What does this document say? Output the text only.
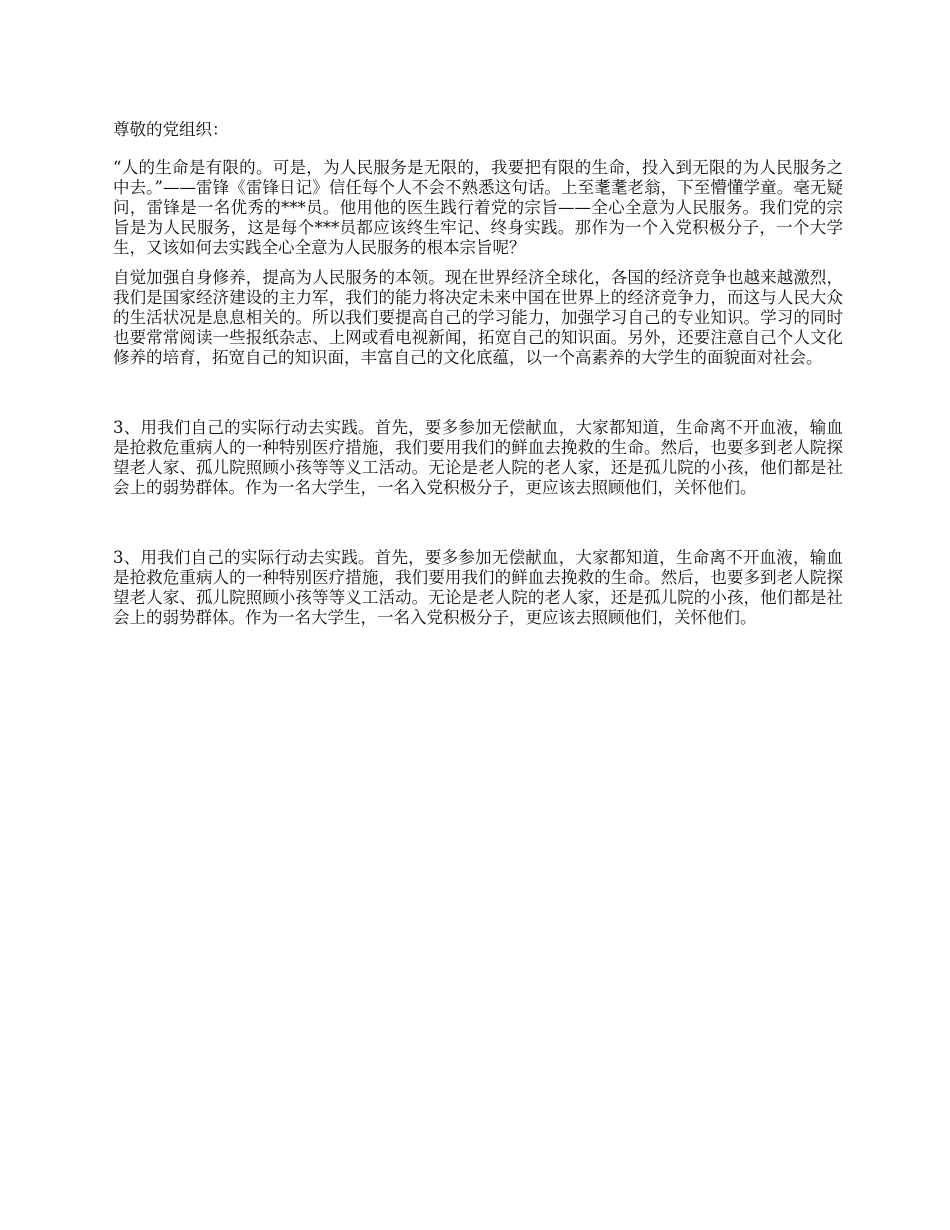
尊敬的党组织：

“人的生命是有限的。可是，为人民服务是无限的，我要把有限的生命，投入到无限的为人民服务之中去。”——雷锋《雷锋日记》信任每个人不会不熟悉这句话。上至耄耄老翁，下至懵懂学童。毫无疑问，雷锋是一名优秀的***员。他用他的医生践行着党的宗旨——全心全意为人民服务。我们党的宗旨是为人民服务，这是每个***员都应该终生牢记、终身实践。那作为一个入党积极分子，一个大学生，又该如何去实践全心全意为人民服务的根本宗旨呢？

自觉加强自身修养，提高为人民服务的本领。现在世界经济全球化，各国的经济竞争也越来越激烈，我们是国家经济建设的主力军，我们的能力将决定未来中国在世界上的经济竞争力，而这与人民大众的生活状况是息息相关的。所以我们要提高自己的学习能力，加强学习自己的专业知识。学习的同时也要常常阅读一些报纸杂志、上网或看电视新闻，拓宽自己的知识面。另外，还要注意自己个人文化修养的培育，拓宽自己的知识面，丰富自己的文化底蕴，以一个高素养的大学生的面貌面对社会。

3、用我们自己的实际行动去实践。首先，要多参加无偿献血，大家都知道，生命离不开血液，输血是抢救危重病人的一种特别医疗措施，我们要用我们的鲜血去挽救的生命。然后，也要多到老人院探望老人家、孤儿院照顾小孩等等义工活动。无论是老人院的老人家，还是孤儿院的小孩，他们都是社会上的弱势群体。作为一名大学生，一名入党积极分子，更应该去照顾他们，关怀他们。

3、用我们自己的实际行动去实践。首先，要多参加无偿献血，大家都知道，生命离不开血液，输血是抢救危重病人的一种特别医疗措施，我们要用我们的鲜血去挽救的生命。然后，也要多到老人院探望老人家、孤儿院照顾小孩等等义工活动。无论是老人院的老人家，还是孤儿院的小孩，他们都是社会上的弱势群体。作为一名大学生，一名入党积极分子，更应该去照顾他们，关怀他们。
